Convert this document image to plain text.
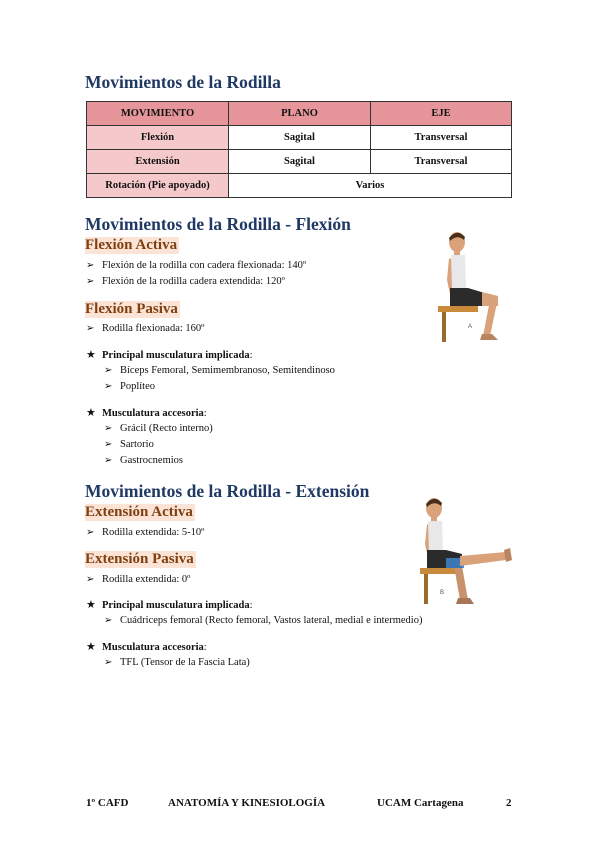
Movimientos de la Rodilla
MOVIMIENTO	PLANO	EJE
Flexión	Sagital	Transversal
Extensión	Sagital	Transversal
Rotación (Pie apoyado)	Varios	
Movimientos de la Rodilla - Flexión
Flexión Activa
➢ Flexión de la rodilla con cadera flexionada: 140º
➢ Flexión de la rodilla cadera extendida: 120º
Flexión Pasiva
➢ Rodilla flexionada: 160º
★ Principal musculatura implicada:
➢ Bíceps Femoral, Semimembranoso, Semitendinoso
➢ Poplíteo
★ Musculatura accesoria:
➢ Grácil (Recto interno)
➢ Sartorio
➢ Gastrocnemios
A
Movimientos de la Rodilla - Extensión
Extensión Activa
➢ Rodilla extendida: 5-10º
Extensión Pasiva
➢ Rodilla extendida: 0º
★ Principal musculatura implicada:
➢ Cuádriceps femoral (Recto femoral, Vastos lateral, medial e intermedio)
★ Musculatura accesoria:
➢ TFL (Tensor de la Fascia Lata)
B
1º CAFD	ANATOMÍA Y KINESIOLOGÍA	UCAM Cartagena	2
